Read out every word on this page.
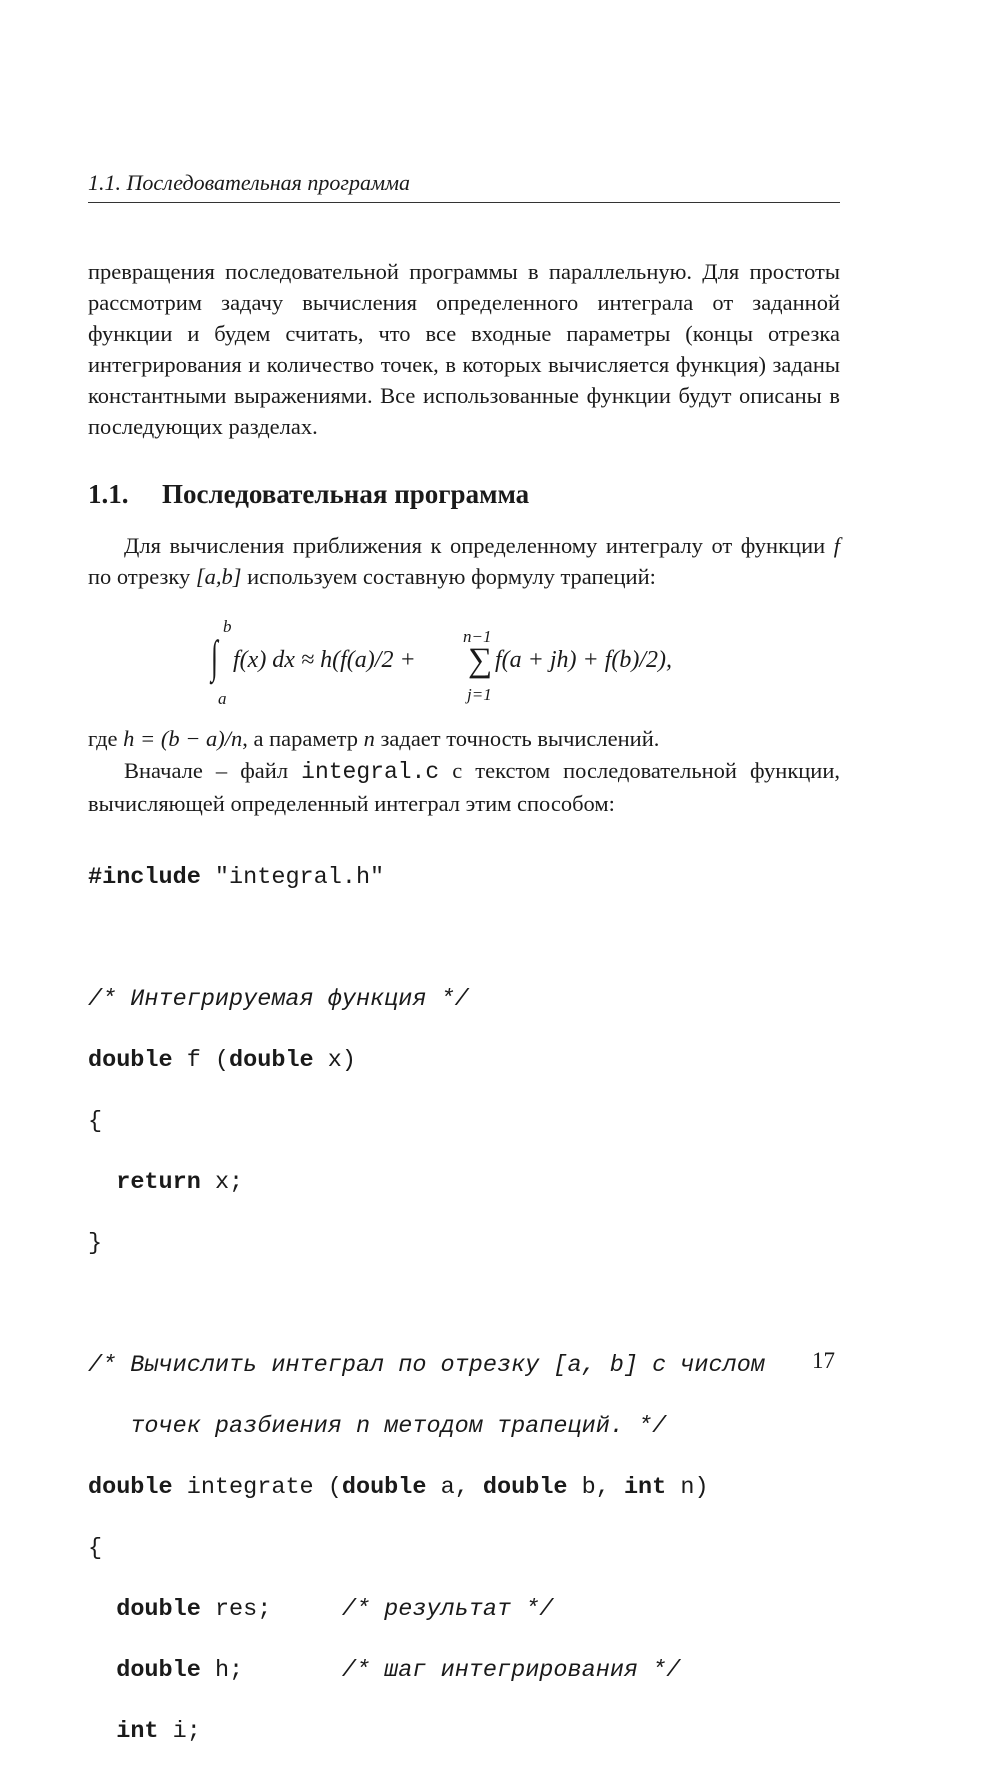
1.1. Последовательная программа

превращения последовательной программы в параллельную. Для простоты рассмотрим задачу вычисления определенного интеграла от заданной функции и будем считать, что все входные параметры (концы отрезка интегрирования и количество точек, в которых вычисляется функция) заданы константными выражениями. Все использованные функции будут описаны в последующих разделах.

1.1. Последовательная программа

Для вычисления приближения к определенному интегралу от функции f по отрезку [a,b] используем составную формулу трапеций:

b
∫
a
f(x) dx ≈ h(f(a)/2 +
n−1
∑
j=1
f(a + jh) + f(b)/2),

где h = (b − a)/n, а параметр n задает точность вычислений.

Вначале – файл integral.c с текстом последовательной функции, вычисляющей определенный интеграл этим способом:

#include "integral.h"

/* Интегрируемая функция */

double f (double x)

{

return x;

}

/* Вычислить интеграл по отрезку [a, b] с числом

точек разбиения n методом трапеций. */

double integrate (double a, double b, int n)

{

double res;	/* результат */

double h;	/* шаг интегрирования */

int i;

17
